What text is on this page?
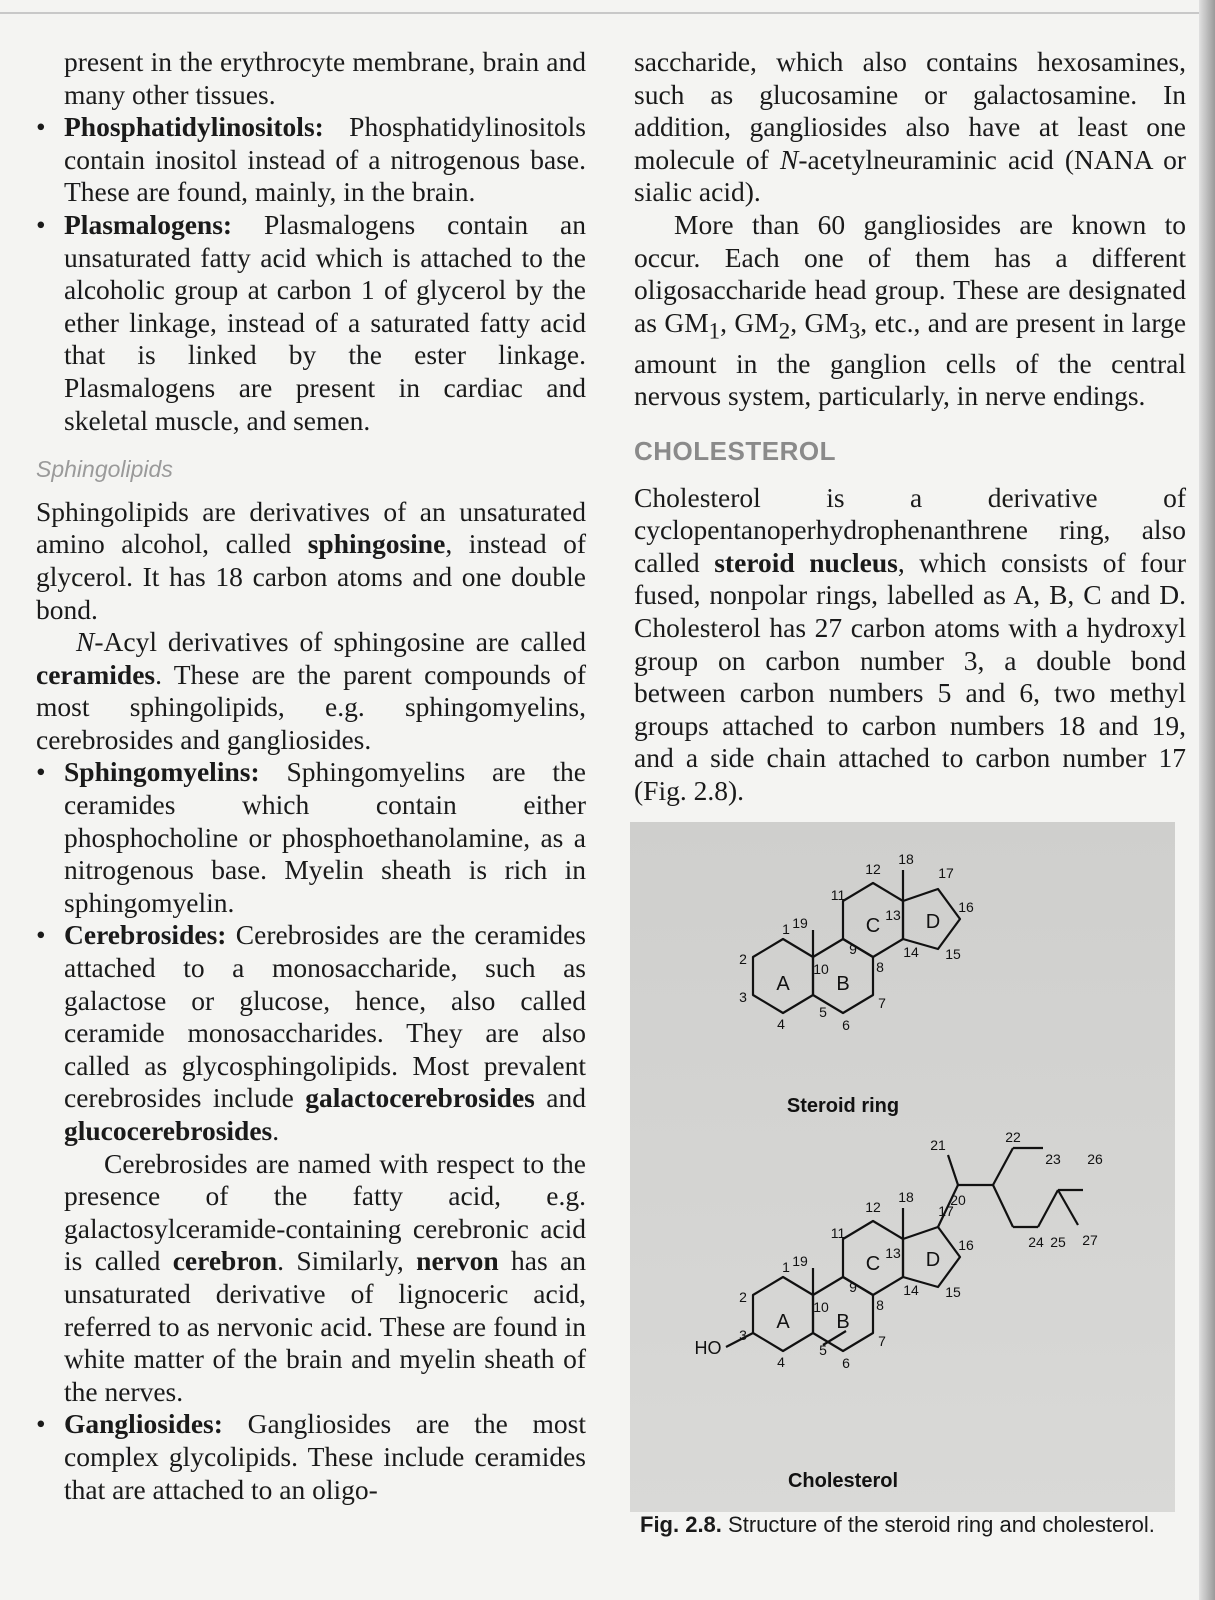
present in the erythrocyte membrane, brain and many other tissues.

• Phosphatidylinositols: Phosphatidylinositols contain inositol instead of a nitrogenous base. These are found, mainly, in the brain.
• Plasmalogens: Plasmalogens contain an unsaturated fatty acid which is attached to the alcoholic group at carbon 1 of glycerol by the ether linkage, instead of a saturated fatty acid that is linked by the ester linkage. Plasmalogens are present in cardiac and skeletal muscle, and semen.
Sphingolipids

Sphingolipids are derivatives of an unsaturated amino alcohol, called sphingosine, instead of glycerol. It has 18 carbon atoms and one double bond.

N-Acyl derivatives of sphingosine are called ceramides. These are the parent compounds of most sphingolipids, e.g. sphingomyelins, cerebrosides and gangliosides.

• Sphingomyelins: Sphingomyelins are the ceramides which contain either phosphocholine or phosphoethanolamine, as a nitrogenous base. Myelin sheath is rich in sphingomyelin.
• Cerebrosides: Cerebrosides are the ceramides attached to a monosaccharide, such as galactose or glucose, hence, also called ceramide monosaccharides. They are also called as glycosphingolipids. Most prevalent cerebrosides include galactocerebrosides and glucocerebrosides.

Cerebrosides are named with respect to the presence of the fatty acid, e.g. galactosylceramide-containing cerebronic acid is called cerebron. Similarly, nervon has an unsaturated derivative of lignoceric acid, referred to as nervonic acid. These are found in white matter of the brain and myelin sheath of the nerves.

• Gangliosides: Gangliosides are the most complex glycolipids. These include ceramides that are attached to an oligo-

saccharide, which also contains hexosamines, such as glucosamine or galactosamine. In addition, gangliosides also have at least one molecule of N-acetylneuraminic acid (NANA or sialic acid).

More than 60 gangliosides are known to occur. Each one of them has a different oligosaccharide head group. These are designated as $GM_1$, $GM_2$, $GM_3$, etc., and are present in large amount in the ganglion cells of the central nervous system, particularly, in nerve endings.

CHOLESTEROL

Cholesterol is a derivative of cyclopentanoperhydrophenanthrene ring, also called steroid nucleus, which consists of four fused, nonpolar rings, labelled as A, B, C and D. Cholesterol has 27 carbon atoms with a hydroxyl group on carbon number 3, a double bond between carbon numbers 5 and 6, two methyl groups attached to carbon numbers 18 and 19, and a side chain attached to carbon number 17 (Fig. 2.8).

A B
C D
1
2
3
4
5
6
7
8
9
10
11
12
13
14 15
16
17
18
19
Steroid ring
A B
C D
1
2
3
4
5
6
7
8
9
10
11
12
13
14 15
16
17
18
19
HO
20
21	22
23
24 25
26
27
Cholesterol
Fig. 2.8. Structure of the steroid ring and cholesterol.
